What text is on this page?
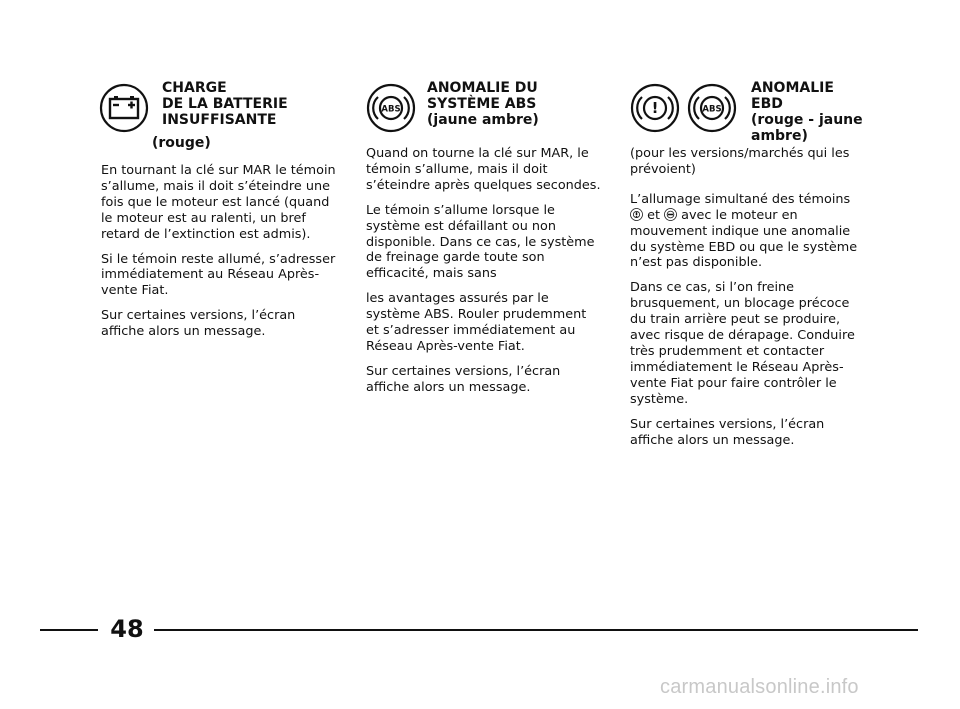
CHARGE
DE LA BATTERIE
INSUFFISANTE
(rouge)

En tournant la clé sur MAR le témoin s’allume, mais il doit s’éteindre une fois que le moteur est lancé (quand le moteur est au ralenti, un bref retard de l’extinction est admis).

Si le témoin reste allumé, s’adresser immédiatement au Réseau Après-vente Fiat.

Sur certaines versions, l’écran affiche alors un message.

ABS
ANOMALIE DU
SYSTÈME ABS
(jaune ambre)

Quand on tourne la clé sur MAR, le témoin s’allume, mais il doit s’éteindre après quelques secondes.

Le témoin s’allume lorsque le système est défaillant ou non disponible. Dans ce cas, le système de freinage garde toute son efficacité, mais sans

les avantages assurés par le système ABS. Rouler prudemment et s’adresser immédiatement au Réseau Après-vente Fiat.

Sur certaines versions, l’écran affiche alors un message.

!	ABS
ANOMALIE
EBD
(rouge - jaune
ambre)

(pour les versions/marchés qui les prévoient)

L’allumage simultané des témoins
et avec le moteur en mouvement indique une anomalie du système EBD ou que le système n’est pas disponible.

Dans ce cas, si l’on freine brusquement, un blocage précoce du train arrière peut se produire, avec risque de dérapage. Conduire très prudemment et contacter immédiatement le Réseau Après-vente Fiat pour faire contrôler le système.

Sur certaines versions, l’écran affiche alors un message.

48
carmanualsonline.info
